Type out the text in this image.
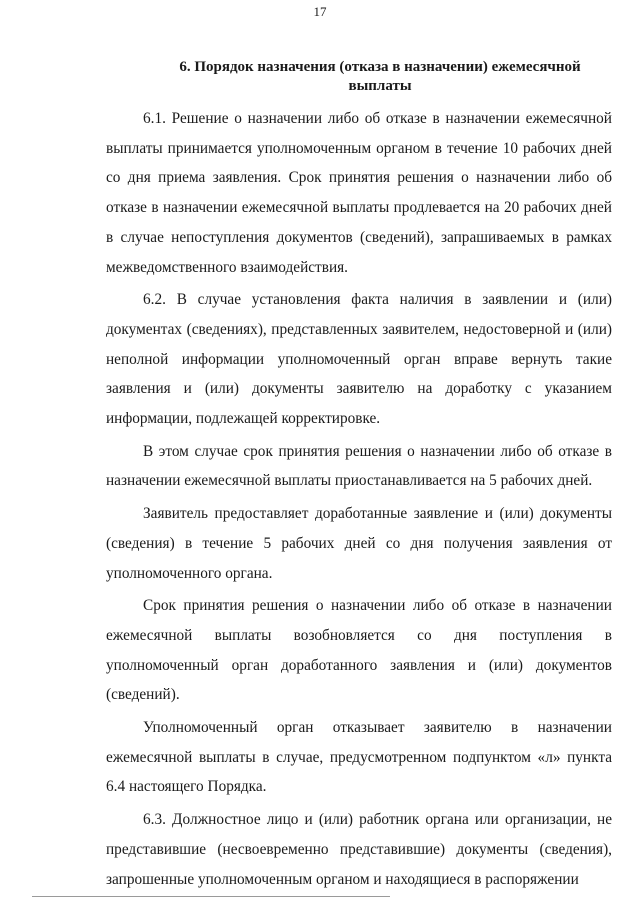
17
6. Порядок назначения (отказа в назначении) ежемесячной
выплаты

6.1. Решение о назначении либо об отказе в назначении ежемесячной выплаты принимается уполномоченным органом в течение 10 рабочих дней со дня приема заявления. Срок принятия решения о назначении либо об отказе в назначении ежемесячной выплаты продлевается на 20 рабочих дней в случае непоступления документов (сведений), запрашиваемых в рамках межведомственного взаимодействия.

6.2. В случае установления факта наличия в заявлении и (или) документах (сведениях), представленных заявителем, недостоверной и (или) неполной информации уполномоченный орган вправе вернуть такие заявления и (или) документы заявителю на доработку с указанием информации, подлежащей корректировке.

В этом случае срок принятия решения о назначении либо об отказе в назначении ежемесячной выплаты приостанавливается на 5 рабочих дней.

Заявитель предоставляет доработанные заявление и (или) документы (сведения) в течение 5 рабочих дней со дня получения заявления от уполномоченного органа.

Срок принятия решения о назначении либо об отказе в назначении ежемесячной выплаты возобновляется со дня поступления в уполномоченный орган доработанного заявления и (или) документов (сведений).

Уполномоченный орган отказывает заявителю в назначении ежемесячной выплаты в случае, предусмотренном подпунктом «л» пункта 6.4 настоящего Порядка.

6.3. Должностное лицо и (или) работник органа или организации, не представившие (несвоевременно представившие) документы (сведения), запрошенные уполномоченным органом и находящиеся в распоряжении
